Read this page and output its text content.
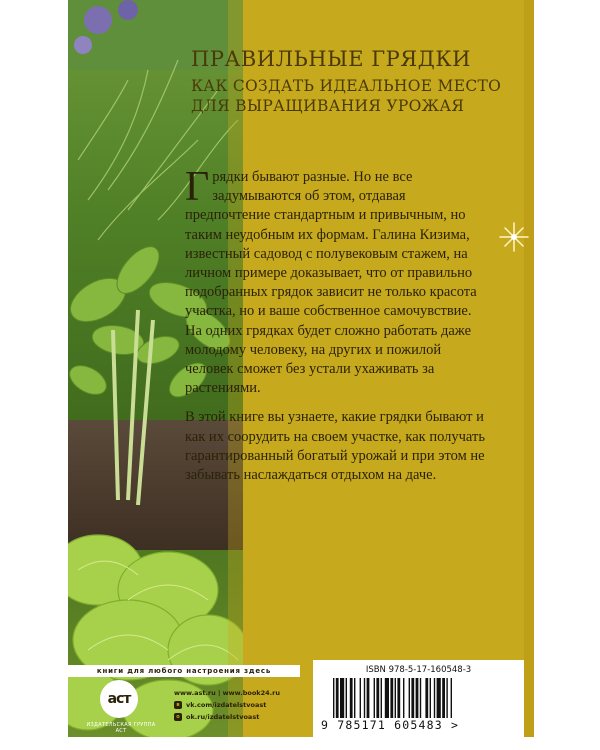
ПРАВИЛЬНЫЕ ГРЯДКИ
КАК СОЗДАТЬ ИДЕАЛЬНОЕ МЕСТО
ДЛЯ ВЫРАЩИВАНИЯ УРОЖАЯ

Г рядки бывают разные. Но не все задумываются об этом, отдавая предпочтение стандартным и привычным, но таким неудобным их формам. Галина Кизима, известный садовод с полувековым стажем, на личном примере доказывает, что от правильно подобранных грядок зависит не только красота участка, но и ваше собственное самочувствие. На одних грядках будет сложно работать даже молодому человеку, на других и пожилой человек сможет без устали ухаживать за растениями.

В этой книге вы узнаете, какие грядки бывают и как их соорудить на своем участке, как получать гарантированный богатый урожай и при этом не забывать наслаждаться отдыхом на даче.

книги для любого настроения здесь
аст
ИЗДАТЕЛЬСКАЯ ГРУППА АСТ
www.ast.ru | www.book24.ru
в vk.com/izdatelstvoast
о ok.ru/izdatelstvoast
ISBN 978-5-17-160548-3
9 785171 605483 >
